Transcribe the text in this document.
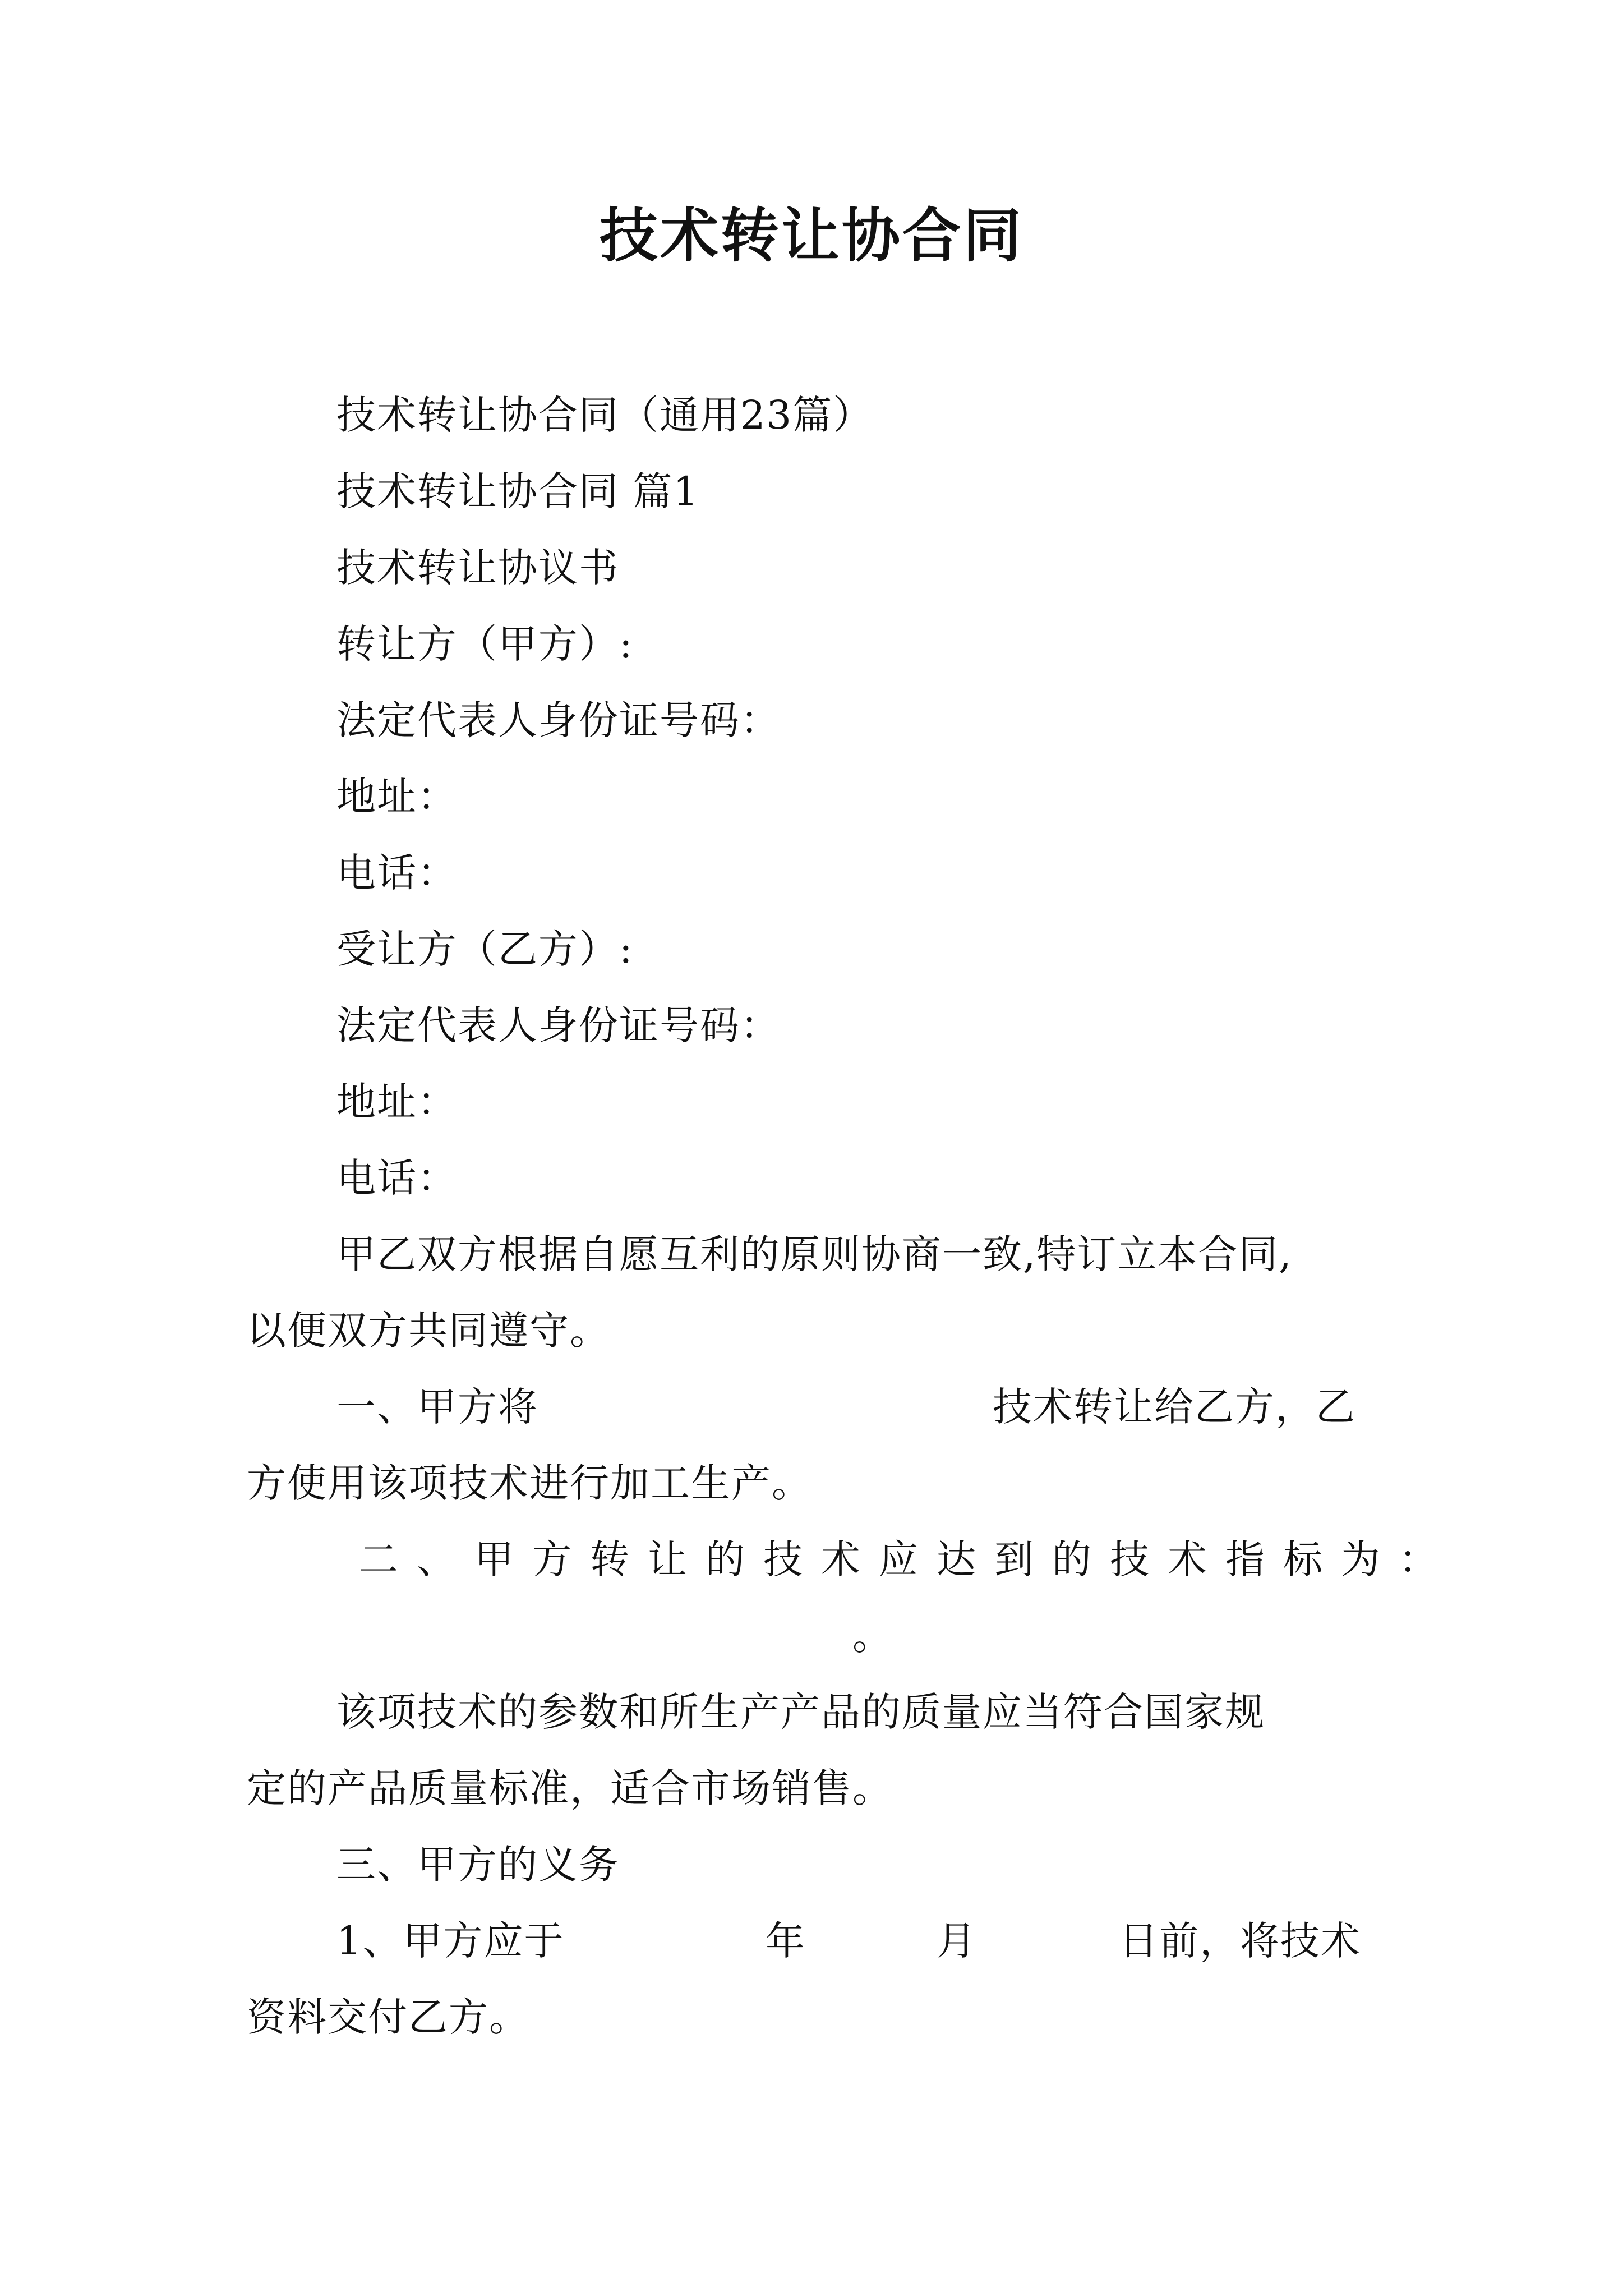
技术转让协合同
技术转让协合同（通用23篇）
技术转让协合同 篇1
技术转让协议书
转让方（甲方）:
法定代表人身份证号码：
地址：
电话：
受让方（乙方）:
法定代表人身份证号码：
地址：
电话：
甲乙双方根据自愿互利的原则协商一致,特订立本合同,
以便双方共同遵守。
一、甲方将	技术转让给乙方，乙
方使用该项技术进行加工生产。
二、甲方转让的技术应达到的技术指标为：
。
该项技术的参数和所生产产品的质量应当符合国家规
定的产品质量标准，适合市场销售。
三、甲方的义务
1、甲方应于	年	月	日前，将技术
资料交付乙方。
